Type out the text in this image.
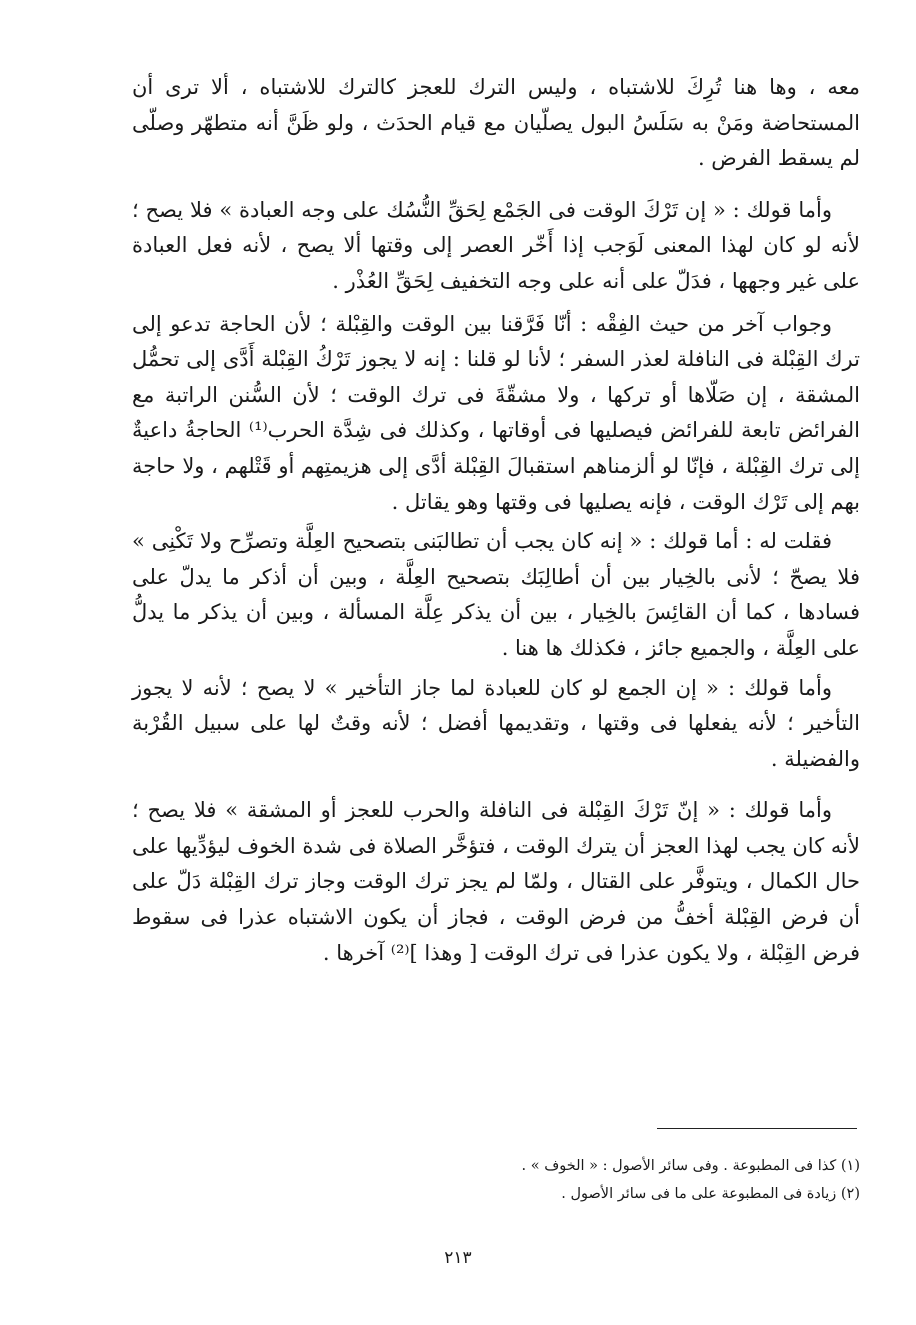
معه ، وها هنا تُرِكَ للاشتباه ، وليس الترك للعجز كالترك للاشتباه ، ألا ترى أن المستحاضة ومَنْ به سَلَسُ البول يصلّيان مع قيام الحدَث ، ولو ظَنَّ أنه متطهّر وصلّى لم يسقط الفرض .

وأما قولك : « إن تَرْكَ الوقت فى الجَمْع لِحَقِّ النُّسُك على وجه العبادة » فلا يصح ؛ لأنه لو كان لهذا المعنى لَوَجب إذا أَخّر العصر إلى وقتها ألا يصح ، لأنه فعل العبادة على غير وجهها ، فدَلّ على أنه على وجه التخفيف لِحَقِّ العُذْر .

وجواب آخر من حيث الفِقْه : أنّا فَرَّقنا بين الوقت والقِبْلة ؛ لأن الحاجة تدعو إلى ترك القِبْلة فى النافلة لعذر السفر ؛ لأنا لو قلنا : إنه لا يجوز تَرْكُ القِبْلة أَدَّى إلى تحمُّل المشقة ، إن صَلّاها أو تركها ، ولا مشقّةَ فى ترك الوقت ؛ لأن السُّنن الراتبة مع الفرائض تابعة للفرائض فيصليها فى أوقاتها ، وكذلك فى شِدَّة الحرب⁽¹⁾ الحاجةُ داعيةٌ إلى ترك القِبْلة ، فإنّا لو ألزمناهم استقبالَ القِبْلة أدَّى إلى هزيمتِهم أو قَتْلهم ، ولا حاجة بهم إلى تَرْك الوقت ، فإنه يصليها فى وقتها وهو يقاتل .

فقلت له : أما قولك : « إنه كان يجب أن تطالبَنى بتصحيح العِلَّة وتصرِّح ولا تَكْنِى » فلا يصحّ ؛ لأنى بالخِيار بين أن أطالِبَك بتصحيح العِلَّة ، وبين أن أذكر ما يدلّ على فسادها ، كما أن القائِسَ بالخِيار ، بين أن يذكر عِلَّة المسألة ، وبين أن يذكر ما يدلُّ على العِلَّة ، والجميع جائز ، فكذلك ها هنا .

وأما قولك : « إن الجمع لو كان للعبادة لما جاز التأخير » لا يصح ؛ لأنه لا يجوز التأخير ؛ لأنه يفعلها فى وقتها ، وتقديمها أفضل ؛ لأنه وقتٌ لها على سبيل القُرْبة والفضيلة .

وأما قولك : « إنّ تَرْكَ القِبْلة فى النافلة والحرب للعجز أو المشقة » فلا يصح ؛ لأنه كان يجب لهذا العجز أن يترك الوقت ، فتؤخَّر الصلاة فى شدة الخوف ليؤدِّيها على حال الكمال ، ويتوفَّر على القتال ، ولمّا لم يجز ترك الوقت وجاز ترك القِبْلة دَلّ على أن فرض القِبْلة أخفُّ من فرض الوقت ، فجاز أن يكون الاشتباه عذرا فى سقوط فرض القِبْلة ، ولا يكون عذرا فى ترك الوقت [ وهذا ]⁽²⁾ آخرها .

(١) كذا فى المطبوعة . وفى سائر الأصول : « الخوف » .

(٢) زيادة فى المطبوعة على ما فى سائر الأصول .

٢١٣
